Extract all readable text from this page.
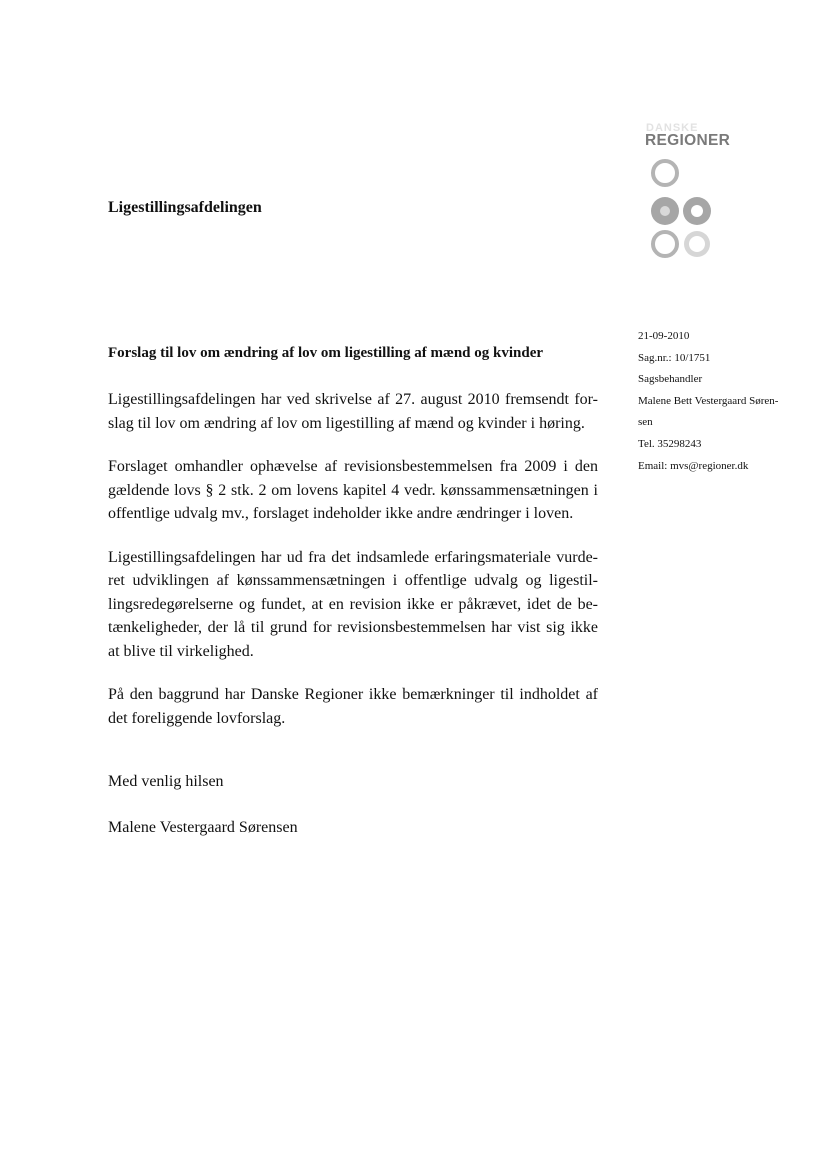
DANSKE
REGIONER
Ligestillingsafdelingen
21-09-2010
Sag.nr.: 10/1751
Sagsbehandler
Malene Bett Vestergaard Søren-
sen
Tel. 35298243
Email: mvs@regioner.dk
Forslag til lov om ændring af lov om ligestilling af mænd og kvinder

Ligestillingsafdelingen har ved skrivelse af 27. august 2010 fremsendt for-
slag til lov om ændring af lov om ligestilling af mænd og kvinder i høring.

Forslaget omhandler ophævelse af revisionsbestemmelsen fra 2009 i den
gældende lovs § 2 stk. 2 om lovens kapitel 4 vedr. kønssammensætningen i
offentlige udvalg mv., forslaget indeholder ikke andre ændringer i loven.

Ligestillingsafdelingen har ud fra det indsamlede erfaringsmateriale vurde-
ret udviklingen af kønssammensætningen i offentlige udvalg og ligestil-
lingsredegørelserne og fundet, at en revision ikke er påkrævet, idet de be-
tænkeligheder, der lå til grund for revisionsbestemmelsen har vist sig ikke
at blive til virkelighed.

På den baggrund har Danske Regioner ikke bemærkninger til indholdet af
det foreliggende lovforslag.

Med venlig hilsen
Malene Vestergaard Sørensen
